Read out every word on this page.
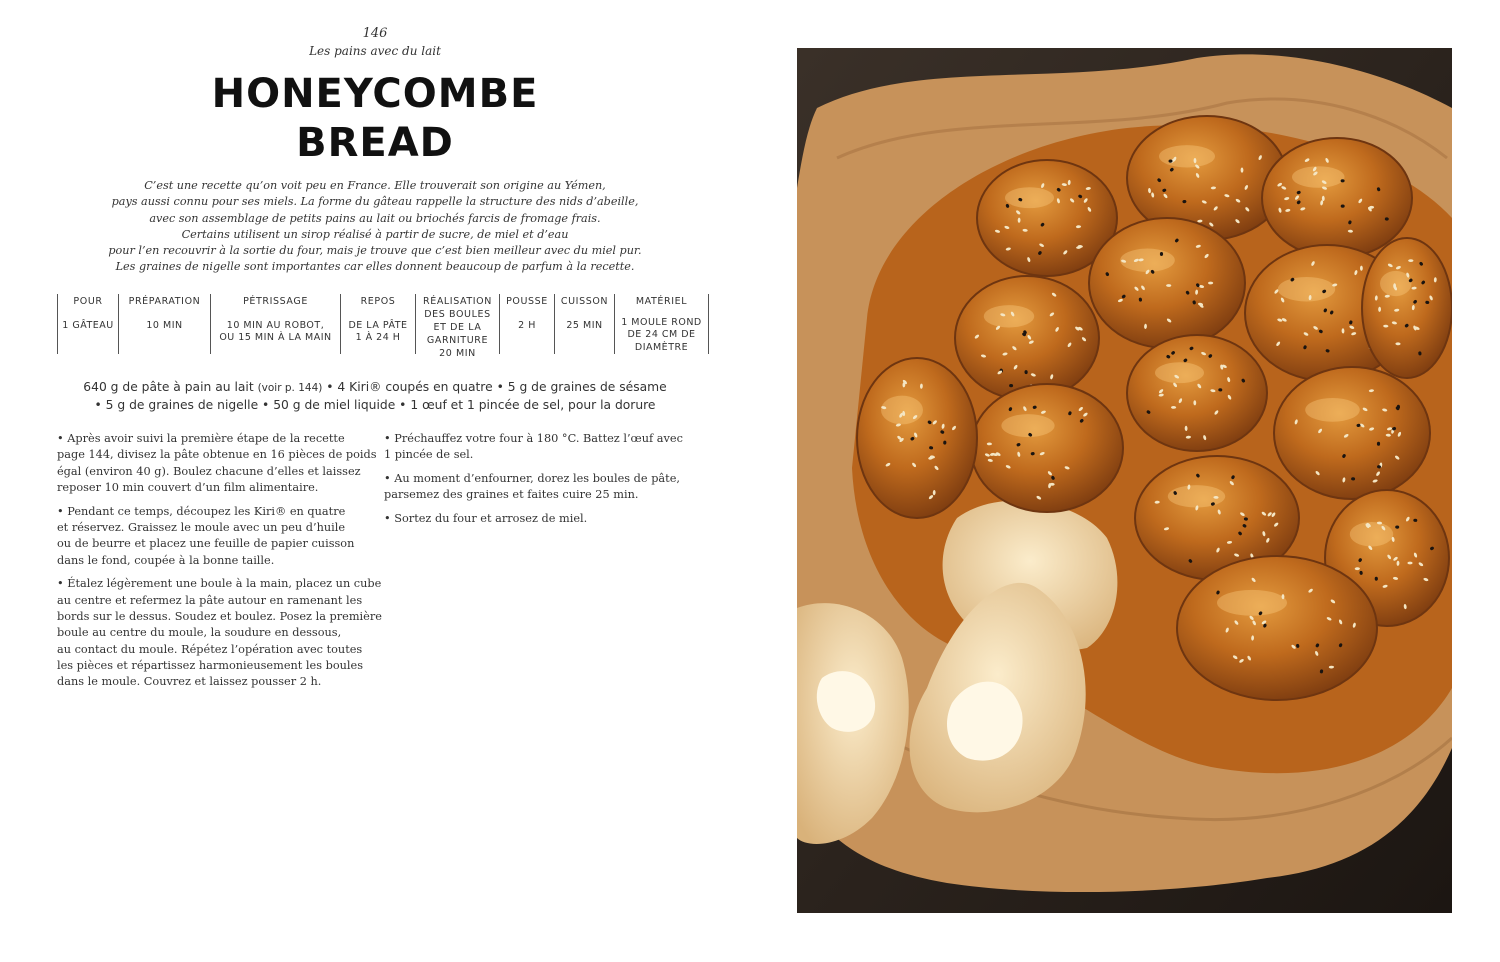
146
Les pains avec du lait
HONEYCOMBE
BREAD
C’est une recette qu’on voit peu en France. Elle trouverait son origine au Yémen,
pays aussi connu pour ses miels. La forme du gâteau rappelle la structure des nids d’abeille,
avec son assemblage de petits pains au lait ou briochés farcis de fromage frais.
Certains utilisent un sirop réalisé à partir de sucre, de miel et d’eau
pour l’en recouvrir à la sortie du four, mais je trouve que c’est bien meilleur avec du miel pur.
Les graines de nigelle sont importantes car elles donnent beaucoup de parfum à la recette.
POUR
1 GÂTEAU
PRÉPARATION
10 MIN
PÉTRISSAGE
10 MIN AU ROBOT,
OU 15 MIN À LA MAIN
REPOS
DE LA PÂTE
1 À 24 H
RÉALISATION
DES BOULES
ET DE LA
GARNITURE
20 MIN
POUSSE
2 H
CUISSON
25 MIN
MATÉRIEL
1 MOULE ROND
DE 24 CM DE
DIAMÈTRE
640 g de pâte à pain au lait (voir p. 144) • 4 Kiri® coupés en quatre • 5 g de graines de sésame
• 5 g de graines de nigelle • 50 g de miel liquide • 1 œuf et 1 pincée de sel, pour la dorure
• Après avoir suivi la première étape de la recette
page 144, divisez la pâte obtenue en 16 pièces de poids
égal (environ 40 g). Boulez chacune d’elles et laissez
reposer 10 min couvert d’un film alimentaire.
• Pendant ce temps, découpez les Kiri® en quatre
et réservez. Graissez le moule avec un peu d’huile
ou de beurre et placez une feuille de papier cuisson
dans le fond, coupée à la bonne taille.
• Étalez légèrement une boule à la main, placez un cube
au centre et refermez la pâte autour en ramenant les
bords sur le dessus. Soudez et boulez. Posez la première
boule au centre du moule, la soudure en dessous,
au contact du moule. Répétez l’opération avec toutes
les pièces et répartissez harmonieusement les boules
dans le moule. Couvrez et laissez pousser 2 h.
• Préchauffez votre four à 180 °C. Battez l’œuf avec
1 pincée de sel.
• Au moment d’enfourner, dorez les boules de pâte,
parsemez des graines et faites cuire 25 min.
• Sortez du four et arrosez de miel.
